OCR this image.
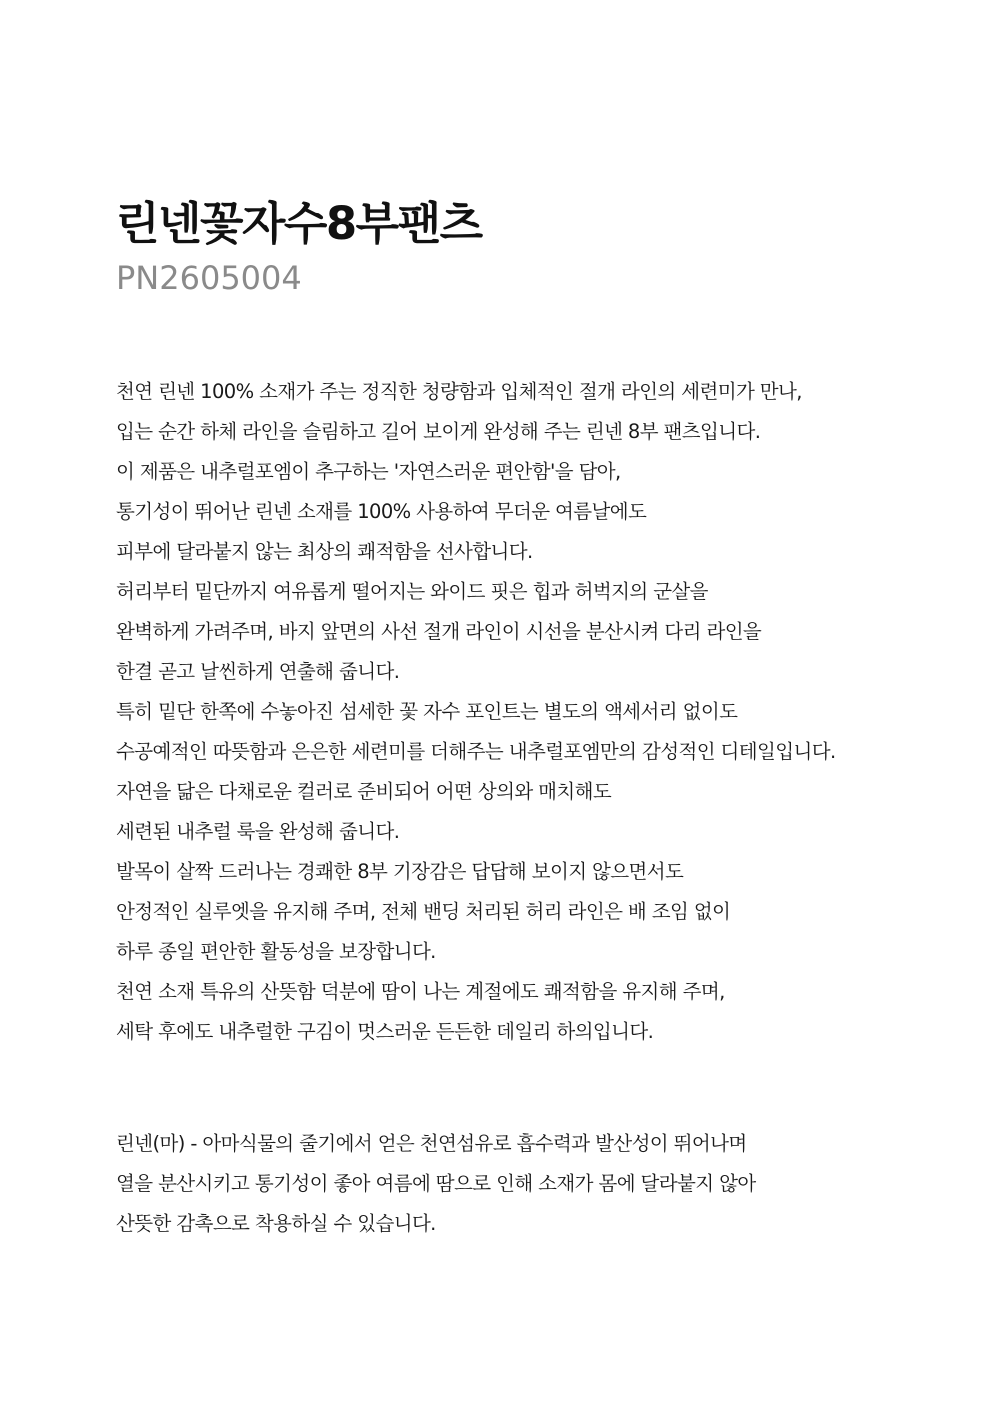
린넨꽃자수8부팬츠

PN2605004

천연 린넨 100% 소재가 주는 정직한 청량함과 입체적인 절개 라인의 세련미가 만나,
입는 순간 하체 라인을 슬림하고 길어 보이게 완성해 주는 린넨 8부 팬츠입니다.
이 제품은 내추럴포엠이 추구하는 '자연스러운 편안함'을 담아,
통기성이 뛰어난 린넨 소재를 100% 사용하여 무더운 여름날에도
피부에 달라붙지 않는 최상의 쾌적함을 선사합니다.
허리부터 밑단까지 여유롭게 떨어지는 와이드 핏은 힙과 허벅지의 군살을
완벽하게 가려주며, 바지 앞면의 사선 절개 라인이 시선을 분산시켜 다리 라인을
한결 곧고 날씬하게 연출해 줍니다.
특히 밑단 한쪽에 수놓아진 섬세한 꽃 자수 포인트는 별도의 액세서리 없이도
수공예적인 따뜻함과 은은한 세련미를 더해주는 내추럴포엠만의 감성적인 디테일입니다.
자연을 닮은 다채로운 컬러로 준비되어 어떤 상의와 매치해도
세련된 내추럴 룩을 완성해 줍니다.
발목이 살짝 드러나는 경쾌한 8부 기장감은 답답해 보이지 않으면서도
안정적인 실루엣을 유지해 주며, 전체 밴딩 처리된 허리 라인은 배 조임 없이
하루 종일 편안한 활동성을 보장합니다.
천연 소재 특유의 산뜻함 덕분에 땀이 나는 계절에도 쾌적함을 유지해 주며,
세탁 후에도 내추럴한 구김이 멋스러운 든든한 데일리 하의입니다.
린넨(마) - 아마식물의 줄기에서 얻은 천연섬유로 흡수력과 발산성이 뛰어나며
열을 분산시키고 통기성이 좋아 여름에 땀으로 인해 소재가 몸에 달라붙지 않아
산뜻한 감촉으로 착용하실 수 있습니다.
